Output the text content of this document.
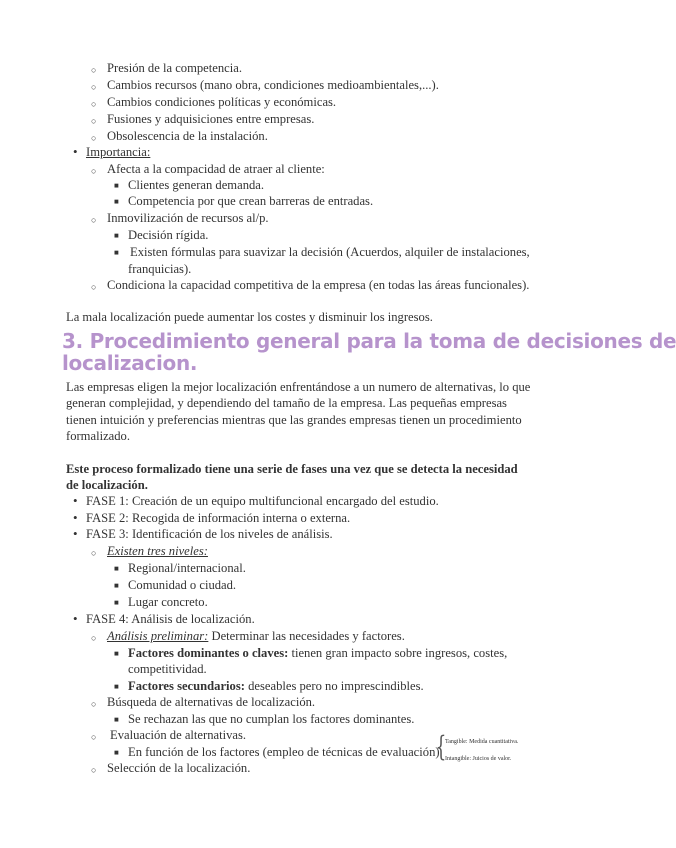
○ Presión de la competencia.
○ Cambios recursos (mano obra, condiciones medioambientales,...).
○ Cambios condiciones políticas y económicas.
○ Fusiones y adquisiciones entre empresas.
○ Obsolescencia de la instalación.
• Importancia:
○ Afecta a la compacidad de atraer al cliente:
■ Clientes generan demanda.
■ Competencia por que crean barreras de entradas.
○ Inmovilización de recursos al/p.
■ Decisión rígida.
■ Existen fórmulas para suavizar la decisión (Acuerdos, alquiler de instalaciones,
franquicias).
○ Condiciona la capacidad competitiva de la empresa (en todas las áreas funcionales).
La mala localización puede aumentar los costes y disminuir los ingresos.
3. Procedimiento general para la toma de decisiones de
localizacion.
Las empresas eligen la mejor localización enfrentándose a un numero de alternativas, lo que
generan complejidad, y dependiendo del tamaño de la empresa. Las pequeñas empresas
tienen intuición y preferencias mientras que las grandes empresas tienen un procedimiento
formalizado.
Este proceso formalizado tiene una serie de fases una vez que se detecta la necesidad
de localización.
• FASE 1: Creación de un equipo multifuncional encargado del estudio.
• FASE 2: Recogida de información interna o externa.
• FASE 3: Identificación de los niveles de análisis.
○ Existen tres niveles:
■ Regional/internacional.
■ Comunidad o ciudad.
■ Lugar concreto.
• FASE 4: Análisis de localización.
○ Análisis preliminar: Determinar las necesidades y factores.
■ Factores dominantes o claves: tienen gran impacto sobre ingresos, costes,
competitividad.
■ Factores secundarios: deseables pero no imprescindibles.
○ Búsqueda de alternativas de localización.
■ Se rechazan las que no cumplan los factores dominantes.
○ Evaluación de alternativas.
■ En función de los factores (empleo de técnicas de evaluación)
{
Tangible: Medida cuantitativa.
Intangible: Juicios de valor.
○ Selección de la localización.
